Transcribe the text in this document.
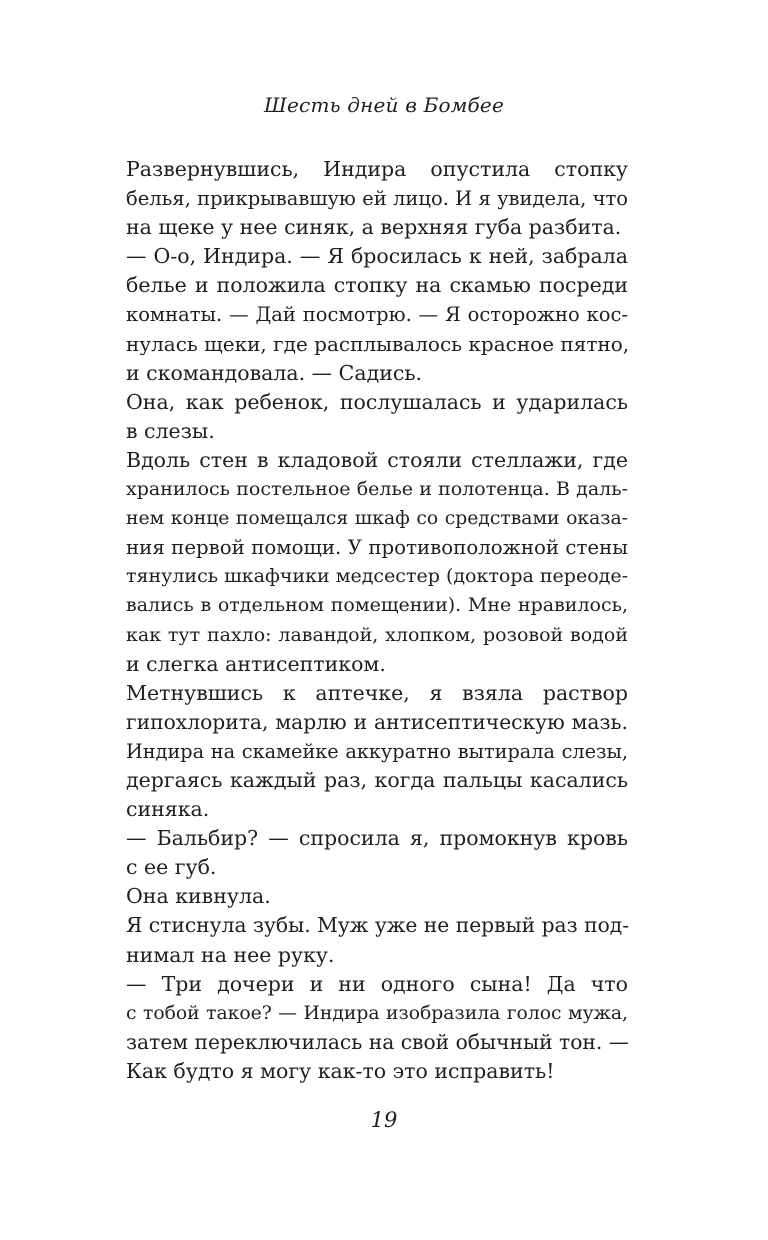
Шесть дней в Бомбее
Развернувшись, Индира опустила стопку
белья, прикрывавшую ей лицо. И я увидела, что
на щеке у нее синяк, а верхняя губа разбита.
— О-о, Индира. — Я бросилась к ней, забрала
белье и положила стопку на скамью посреди
комнаты. — Дай посмотрю. — Я осторожно кос-
нулась щеки, где расплывалось красное пятно,
и скомандовала. — Садись.
Она, как ребенок, послушалась и ударилась
в слезы.
Вдоль стен в кладовой стояли стеллажи, где
хранилось постельное белье и полотенца. В даль-
нем конце помещался шкаф со средствами оказа-
ния первой помощи. У противоположной стены
тянулись шкафчики медсестер (доктора переоде-
вались в отдельном помещении). Мне нравилось,
как тут пахло: лавандой, хлопком, розовой водой
и слегка антисептиком.
Метнувшись к аптечке, я взяла раствор
гипохлорита, марлю и антисептическую мазь.
Индира на скамейке аккуратно вытирала слезы,
дергаясь каждый раз, когда пальцы касались
синяка.
— Бальбир? — спросила я, промокнув кровь
с ее губ.
Она кивнула.
Я стиснула зубы. Муж уже не первый раз под-
нимал на нее руку.
— Три дочери и ни одного сына! Да что
с тобой такое? — Индира изобразила голос мужа,
затем переключилась на свой обычный тон. —
Как будто я могу как-то это исправить!
19
